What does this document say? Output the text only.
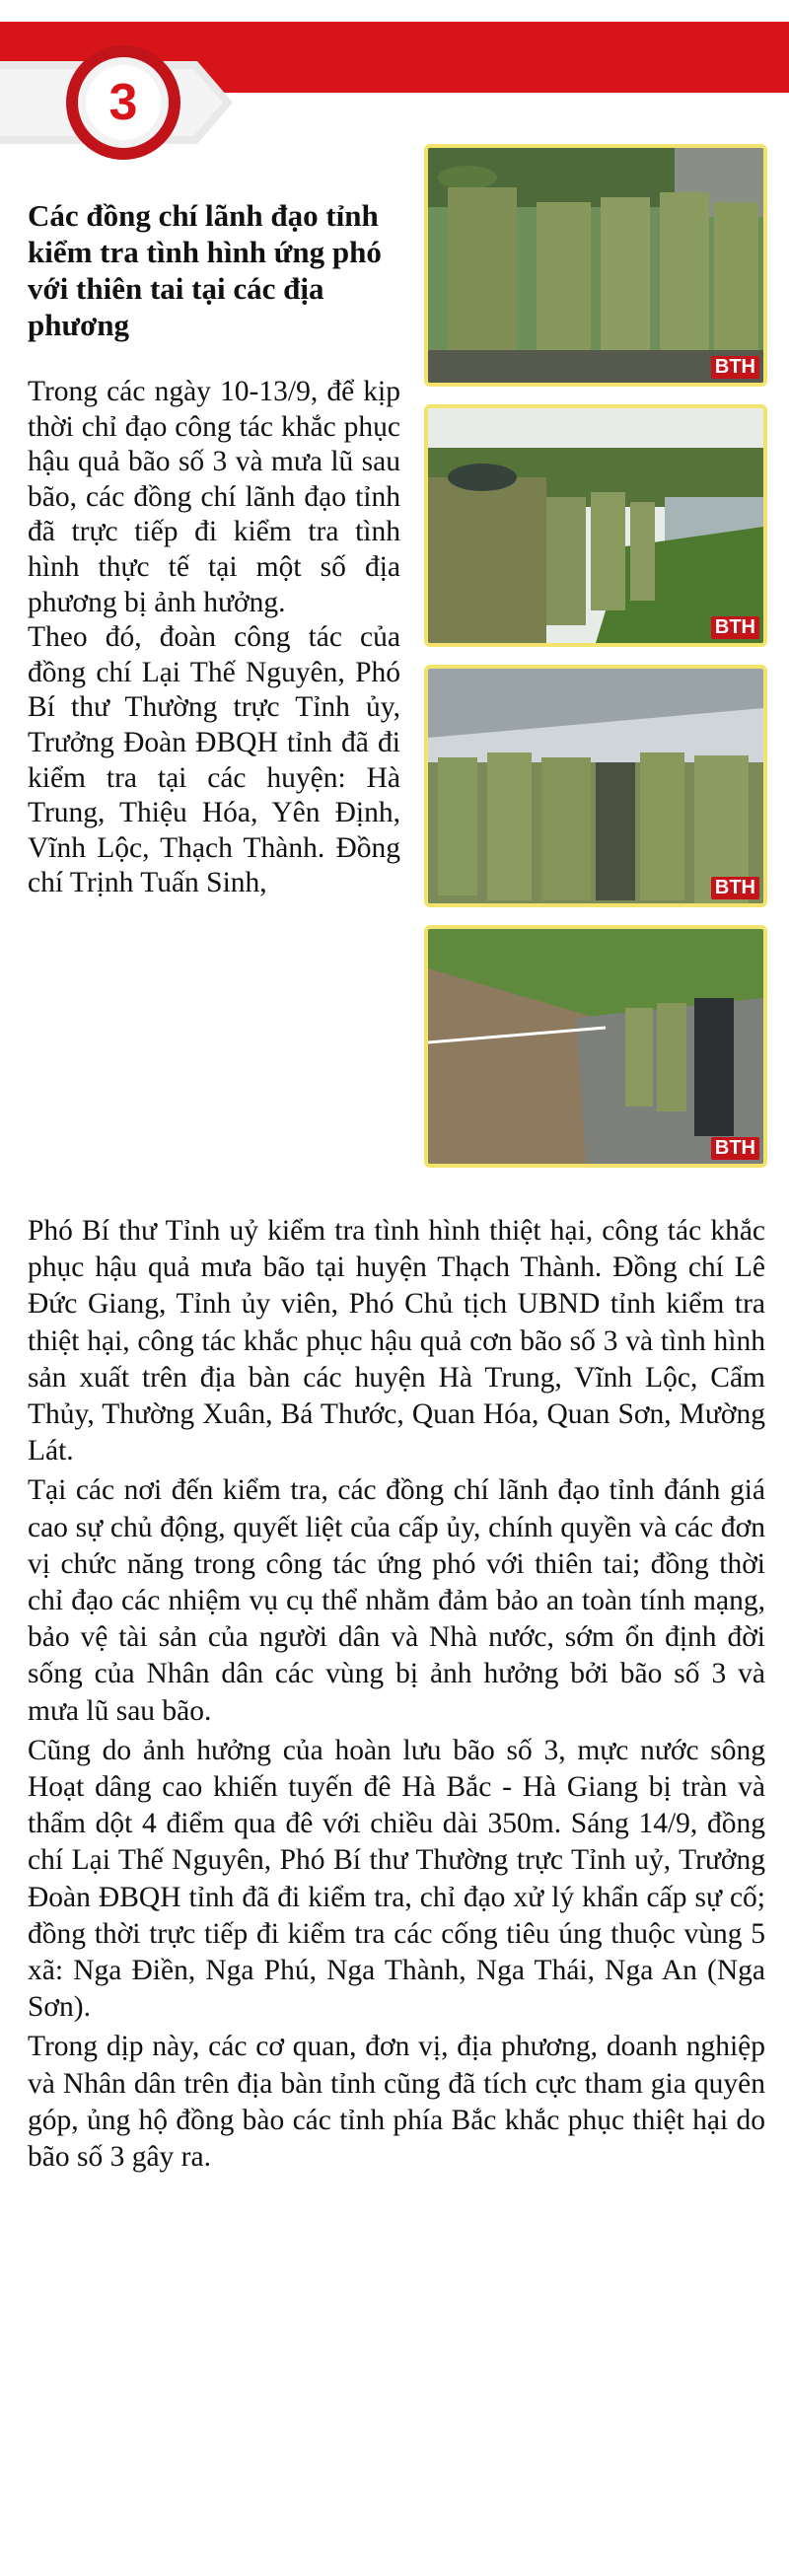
3
Các đồng chí lãnh đạo tỉnh kiểm tra tình hình ứng phó với thiên tai tại các địa phương

Trong các ngày 10-13/9, để kịp thời chỉ đạo công tác khắc phục hậu quả bão số 3 và mưa lũ sau bão, các đồng chí lãnh đạo tỉnh đã trực tiếp đi kiểm tra tình hình thực tế tại một số địa phương bị ảnh hưởng.

Theo đó, đoàn công tác của đồng chí Lại Thế Nguyên, Phó Bí thư Thường trực Tỉnh ủy, Trưởng Đoàn ĐBQH tỉnh đã đi kiểm tra tại các huyện: Hà Trung, Thiệu Hóa, Yên Định, Vĩnh Lộc, Thạch Thành. Đồng chí Trịnh Tuấn Sinh,

BTH
BTH
BTH
BTH

Phó Bí thư Tỉnh uỷ kiểm tra tình hình thiệt hại, công tác khắc phục hậu quả mưa bão tại huyện Thạch Thành. Đồng chí Lê Đức Giang, Tỉnh ủy viên, Phó Chủ tịch UBND tỉnh kiểm tra thiệt hại, công tác khắc phục hậu quả cơn bão số 3 và tình hình sản xuất trên địa bàn các huyện Hà Trung, Vĩnh Lộc, Cẩm Thủy, Thường Xuân, Bá Thước, Quan Hóa, Quan Sơn, Mường Lát.

Tại các nơi đến kiểm tra, các đồng chí lãnh đạo tỉnh đánh giá cao sự chủ động, quyết liệt của cấp ủy, chính quyền và các đơn vị chức năng trong công tác ứng phó với thiên tai; đồng thời chỉ đạo các nhiệm vụ cụ thể nhằm đảm bảo an toàn tính mạng, bảo vệ tài sản của người dân và Nhà nước, sớm ổn định đời sống của Nhân dân các vùng bị ảnh hưởng bởi bão số 3 và mưa lũ sau bão.

Cũng do ảnh hưởng của hoàn lưu bão số 3, mực nước sông Hoạt dâng cao khiến tuyến đê Hà Bắc - Hà Giang bị tràn và thẩm dột 4 điểm qua đê với chiều dài 350m. Sáng 14/9, đồng chí Lại Thế Nguyên, Phó Bí thư Thường trực Tỉnh uỷ, Trưởng Đoàn ĐBQH tỉnh đã đi kiểm tra, chỉ đạo xử lý khẩn cấp sự cố; đồng thời trực tiếp đi kiểm tra các cống tiêu úng thuộc vùng 5 xã: Nga Điền, Nga Phú, Nga Thành, Nga Thái, Nga An (Nga Sơn).

Trong dịp này, các cơ quan, đơn vị, địa phương, doanh nghiệp và Nhân dân trên địa bàn tỉnh cũng đã tích cực tham gia quyên góp, ủng hộ đồng bào các tỉnh phía Bắc khắc phục thiệt hại do bão số 3 gây ra.
